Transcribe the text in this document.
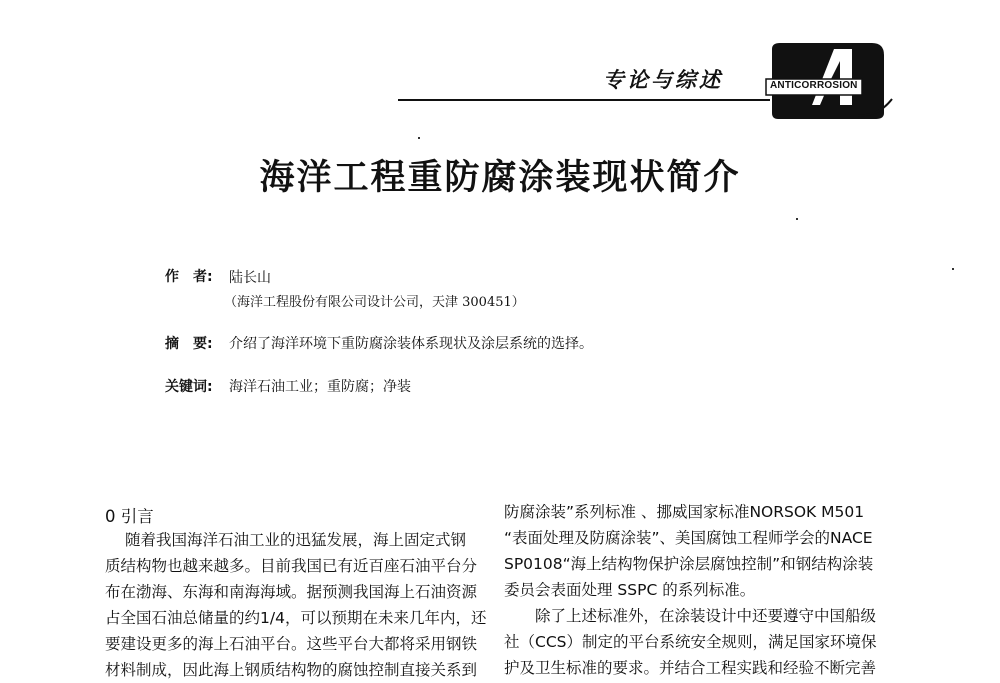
专论与综述	ANTICORROSION
海洋工程重防腐涂装现状简介
作　者: 陆长山
（海洋工程股份有限公司设计公司，天津 300451）
摘　要: 介绍了海洋环境下重防腐涂装体系现状及涂层系统的选择。
关键词: 海洋石油工业；重防腐；净装
0 引言
随着我国海洋石油工业的迅猛发展，海上固定式钢
质结构物也越来越多。目前我国已有近百座石油平台分
布在渤海、东海和南海海域。据预测我国海上石油资源
占全国石油总储量的约1/4，可以预期在未来几年内，还
要建设更多的海上石油平台。这些平台大都将采用钢铁
材料制成，因此海上钢质结构物的腐蚀控制直接关系到
防腐涂装”系列标准 、挪威国家标准NORSOK M501
“表面处理及防腐涂装”、美国腐蚀工程师学会的NACE
SP0108“海上结构物保护涂层腐蚀控制”和钢结构涂装
委员会表面处理 SSPC 的系列标准。
除了上述标准外，在涂装设计中还要遵守中国船级
社（CCS）制定的平台系统安全规则，满足国家环境保
护及卫生标准的要求。并结合工程实践和经验不断完善
